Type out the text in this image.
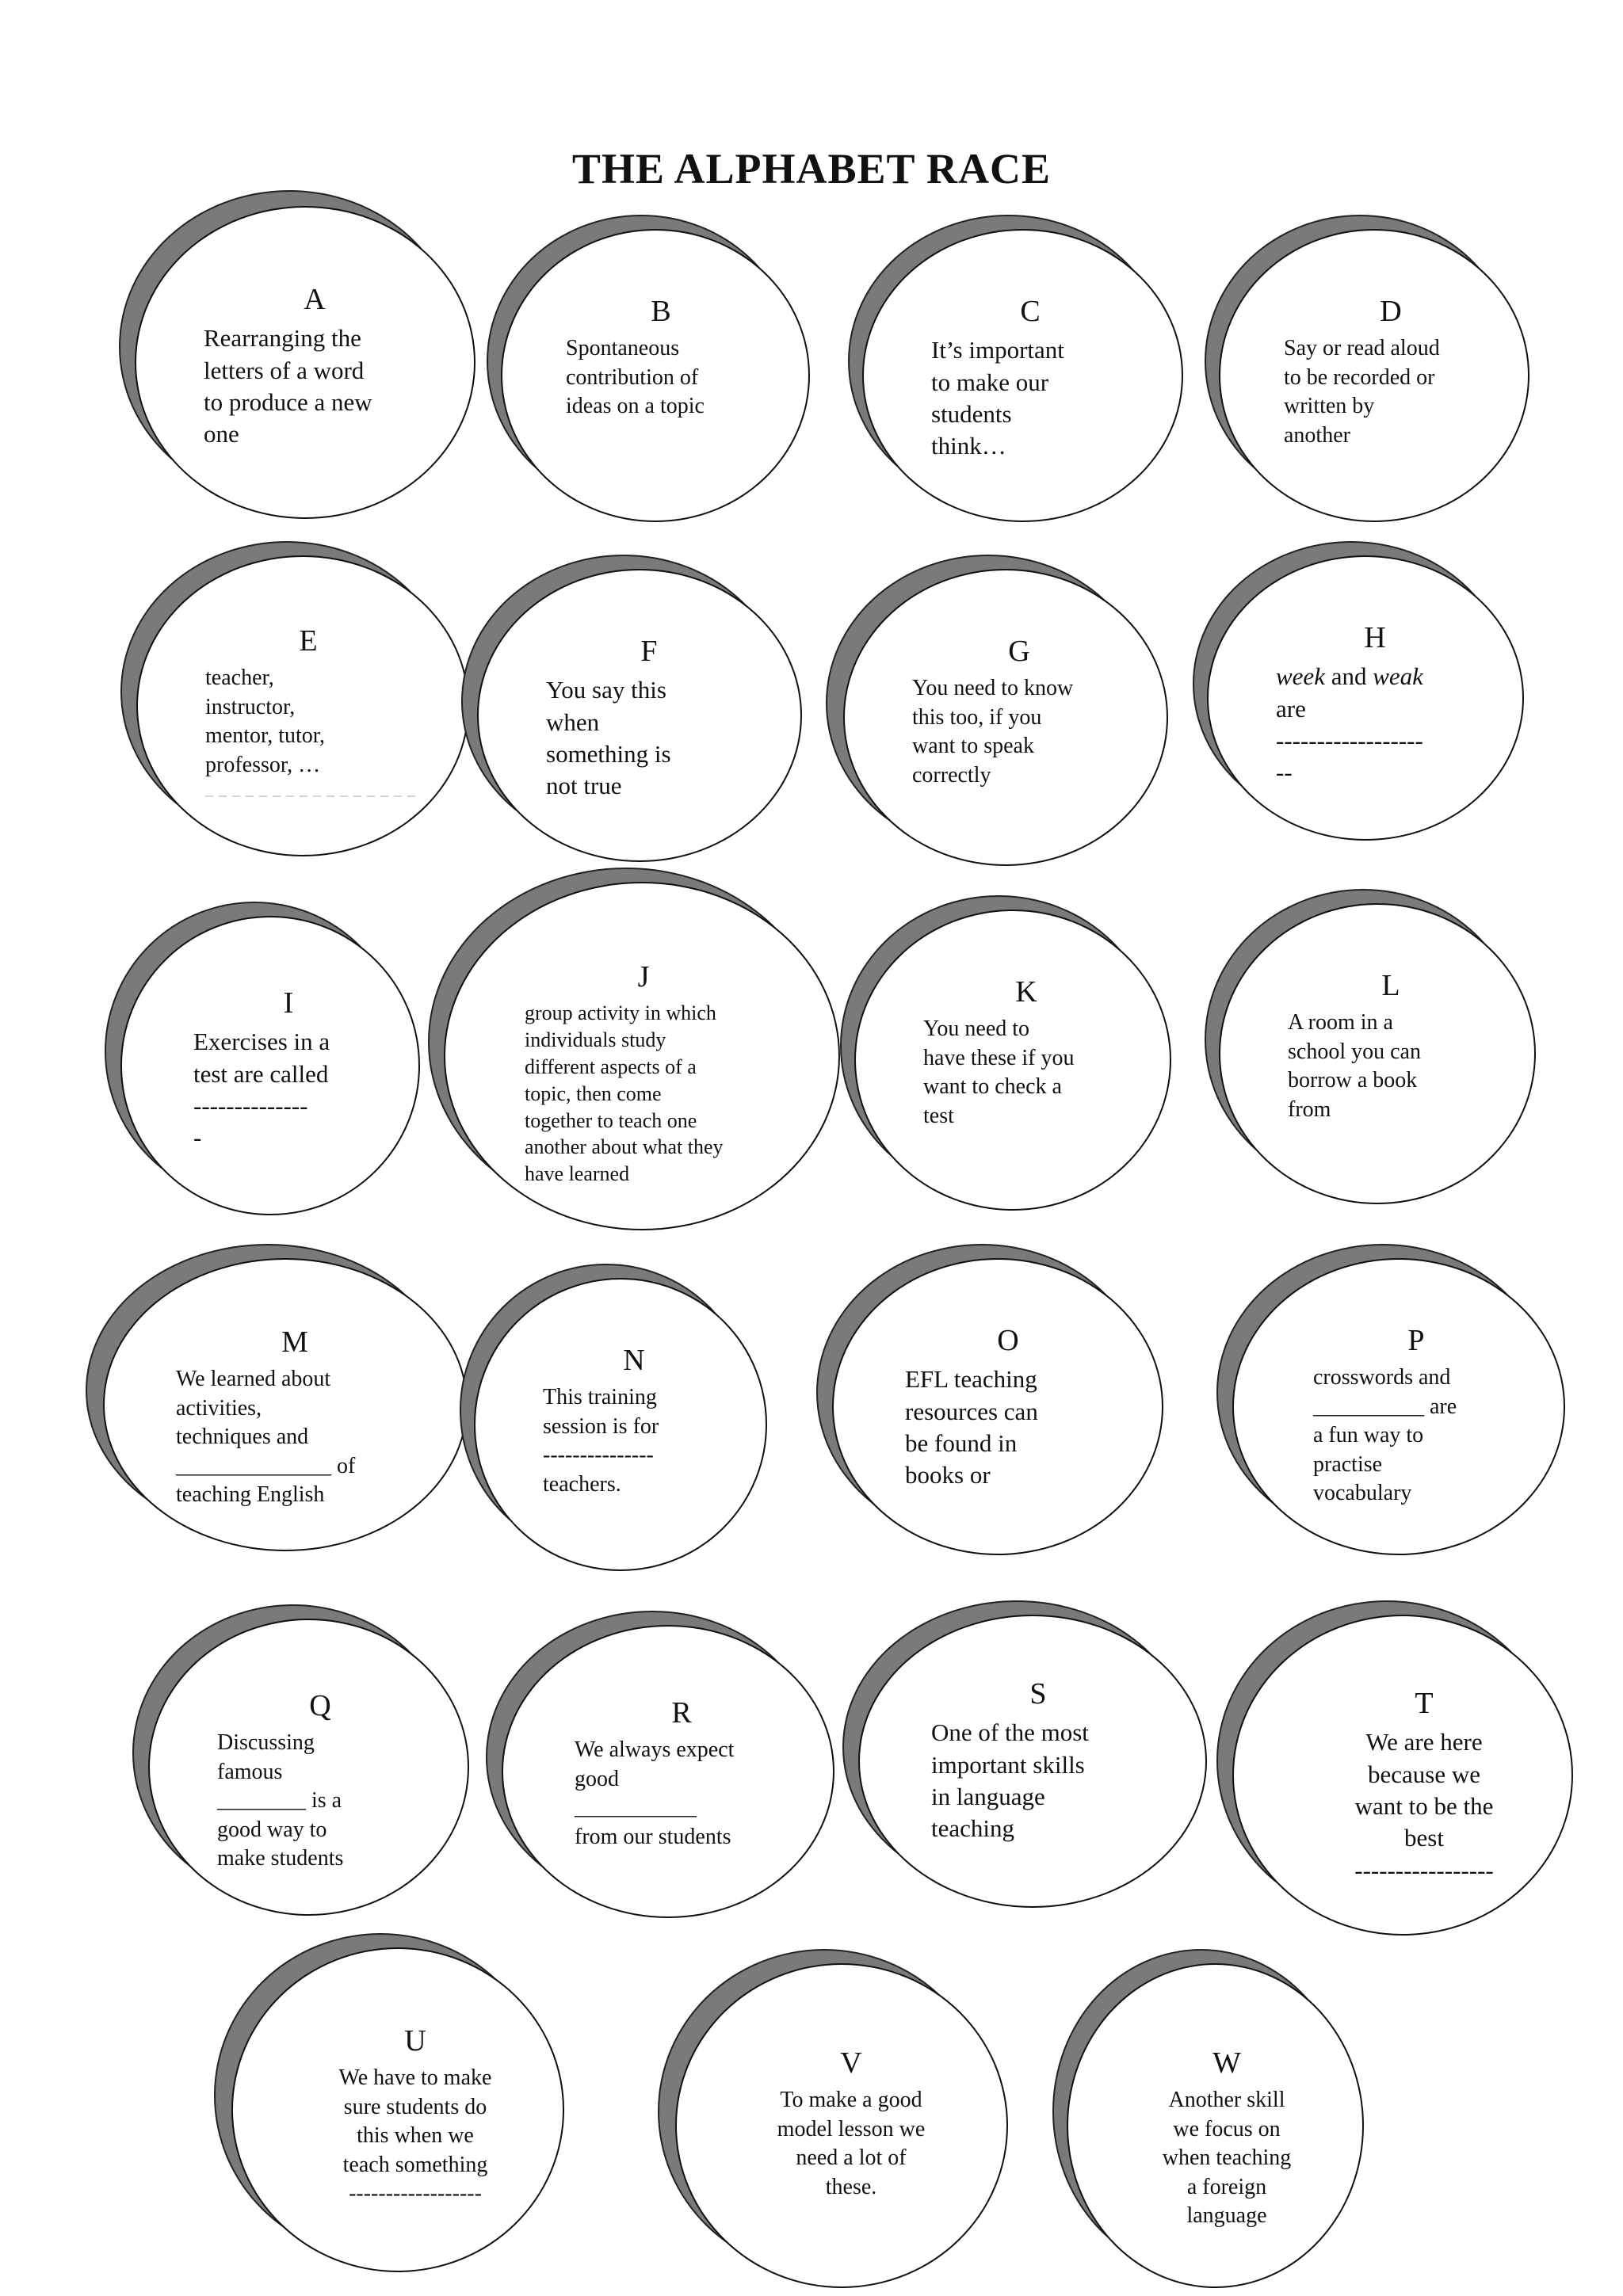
THE ALPHABET RACE
A
Rearranging the
letters of a word
to produce a new
one
B
Spontaneous
contribution of
ideas on a topic
C
It’s important
to make our
students
think…
D
Say or read aloud
to be recorded or
written by
another
E
teacher,
instructor,
mentor, tutor,
professor, …
_ _ _ _ _ _ _ _ _ _ _ _ _ _ _ _
F
You say this
when
something is
not true
G
You need to know
this too, if you
want to speak
correctly
H
week and weak
are
------------------
--
I
Exercises in a
test are called
--------------
-
J
group activity in which
individuals study
different aspects of a
topic, then come
together to teach one
another about what they
have learned
K
You need to
have these if you
want to check a
test
L
A room in a
school you can
borrow a book
from
M
We learned about
activities,
techniques and
______________ of
teaching English
N
This training
session is for
---------------
teachers.
O
EFL teaching
resources can
be found in
books or
P
crosswords and
__________ are
a fun way to
practise
vocabulary
Q
Discussing
famous
________ is a
good way to
make students
R
We always expect
good
___________
from our students
S
One of the most
important skills
in language
teaching
T
We are here
because we
want to be the
best
-----------------
U
We have to make
sure students do
this when we
teach something
------------------
V
To make a good
model lesson we
need a lot of
these.
W
Another skill
we focus on
when teaching
a foreign
language
